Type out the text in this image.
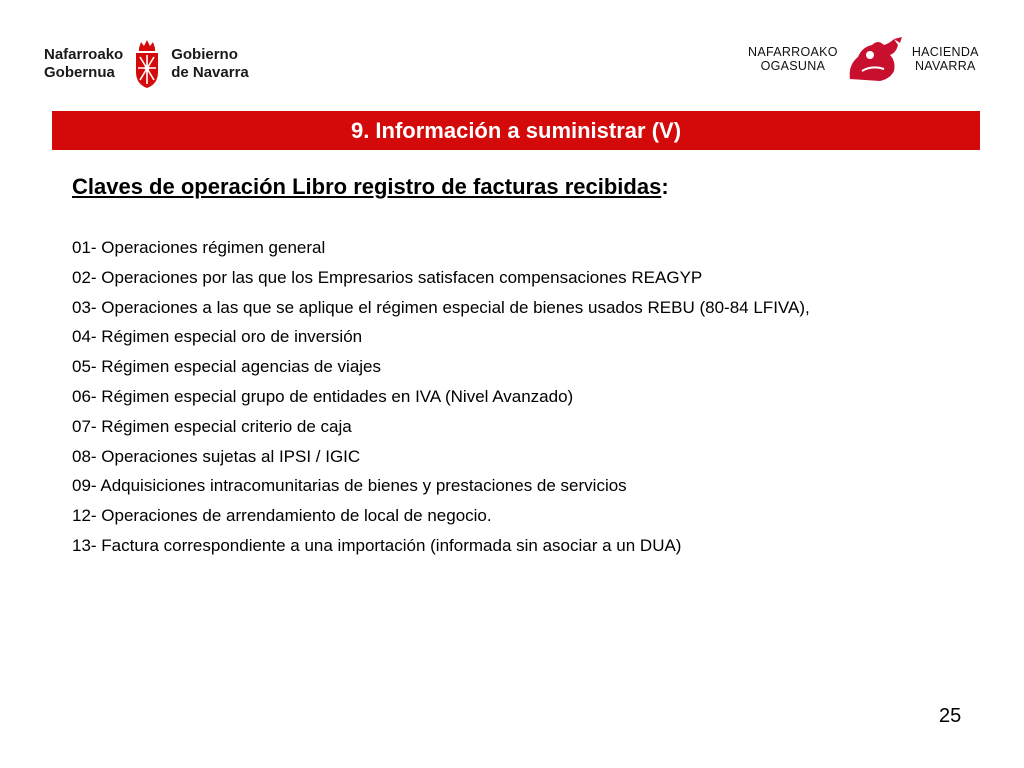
Nafarroako
Gobernua
Gobierno
de Navarra
NAFARROAKO
OGASUNA
HACIENDA
NAVARRA
9. Información a suministrar (V)
Claves de operación Libro registro de facturas recibidas:
01- Operaciones régimen general
02- Operaciones por las que los Empresarios satisfacen compensaciones REAGYP
03- Operaciones a las que se aplique el régimen especial de bienes usados REBU (80-84 LFIVA),
04- Régimen especial oro de inversión
05- Régimen especial agencias de viajes
06- Régimen especial grupo de entidades en IVA (Nivel Avanzado)
07- Régimen especial criterio de caja
08- Operaciones sujetas al IPSI / IGIC
09- Adquisiciones intracomunitarias de bienes y prestaciones de servicios
12- Operaciones de arrendamiento de local de negocio.
13- Factura correspondiente a una importación (informada sin asociar a un DUA)
25
